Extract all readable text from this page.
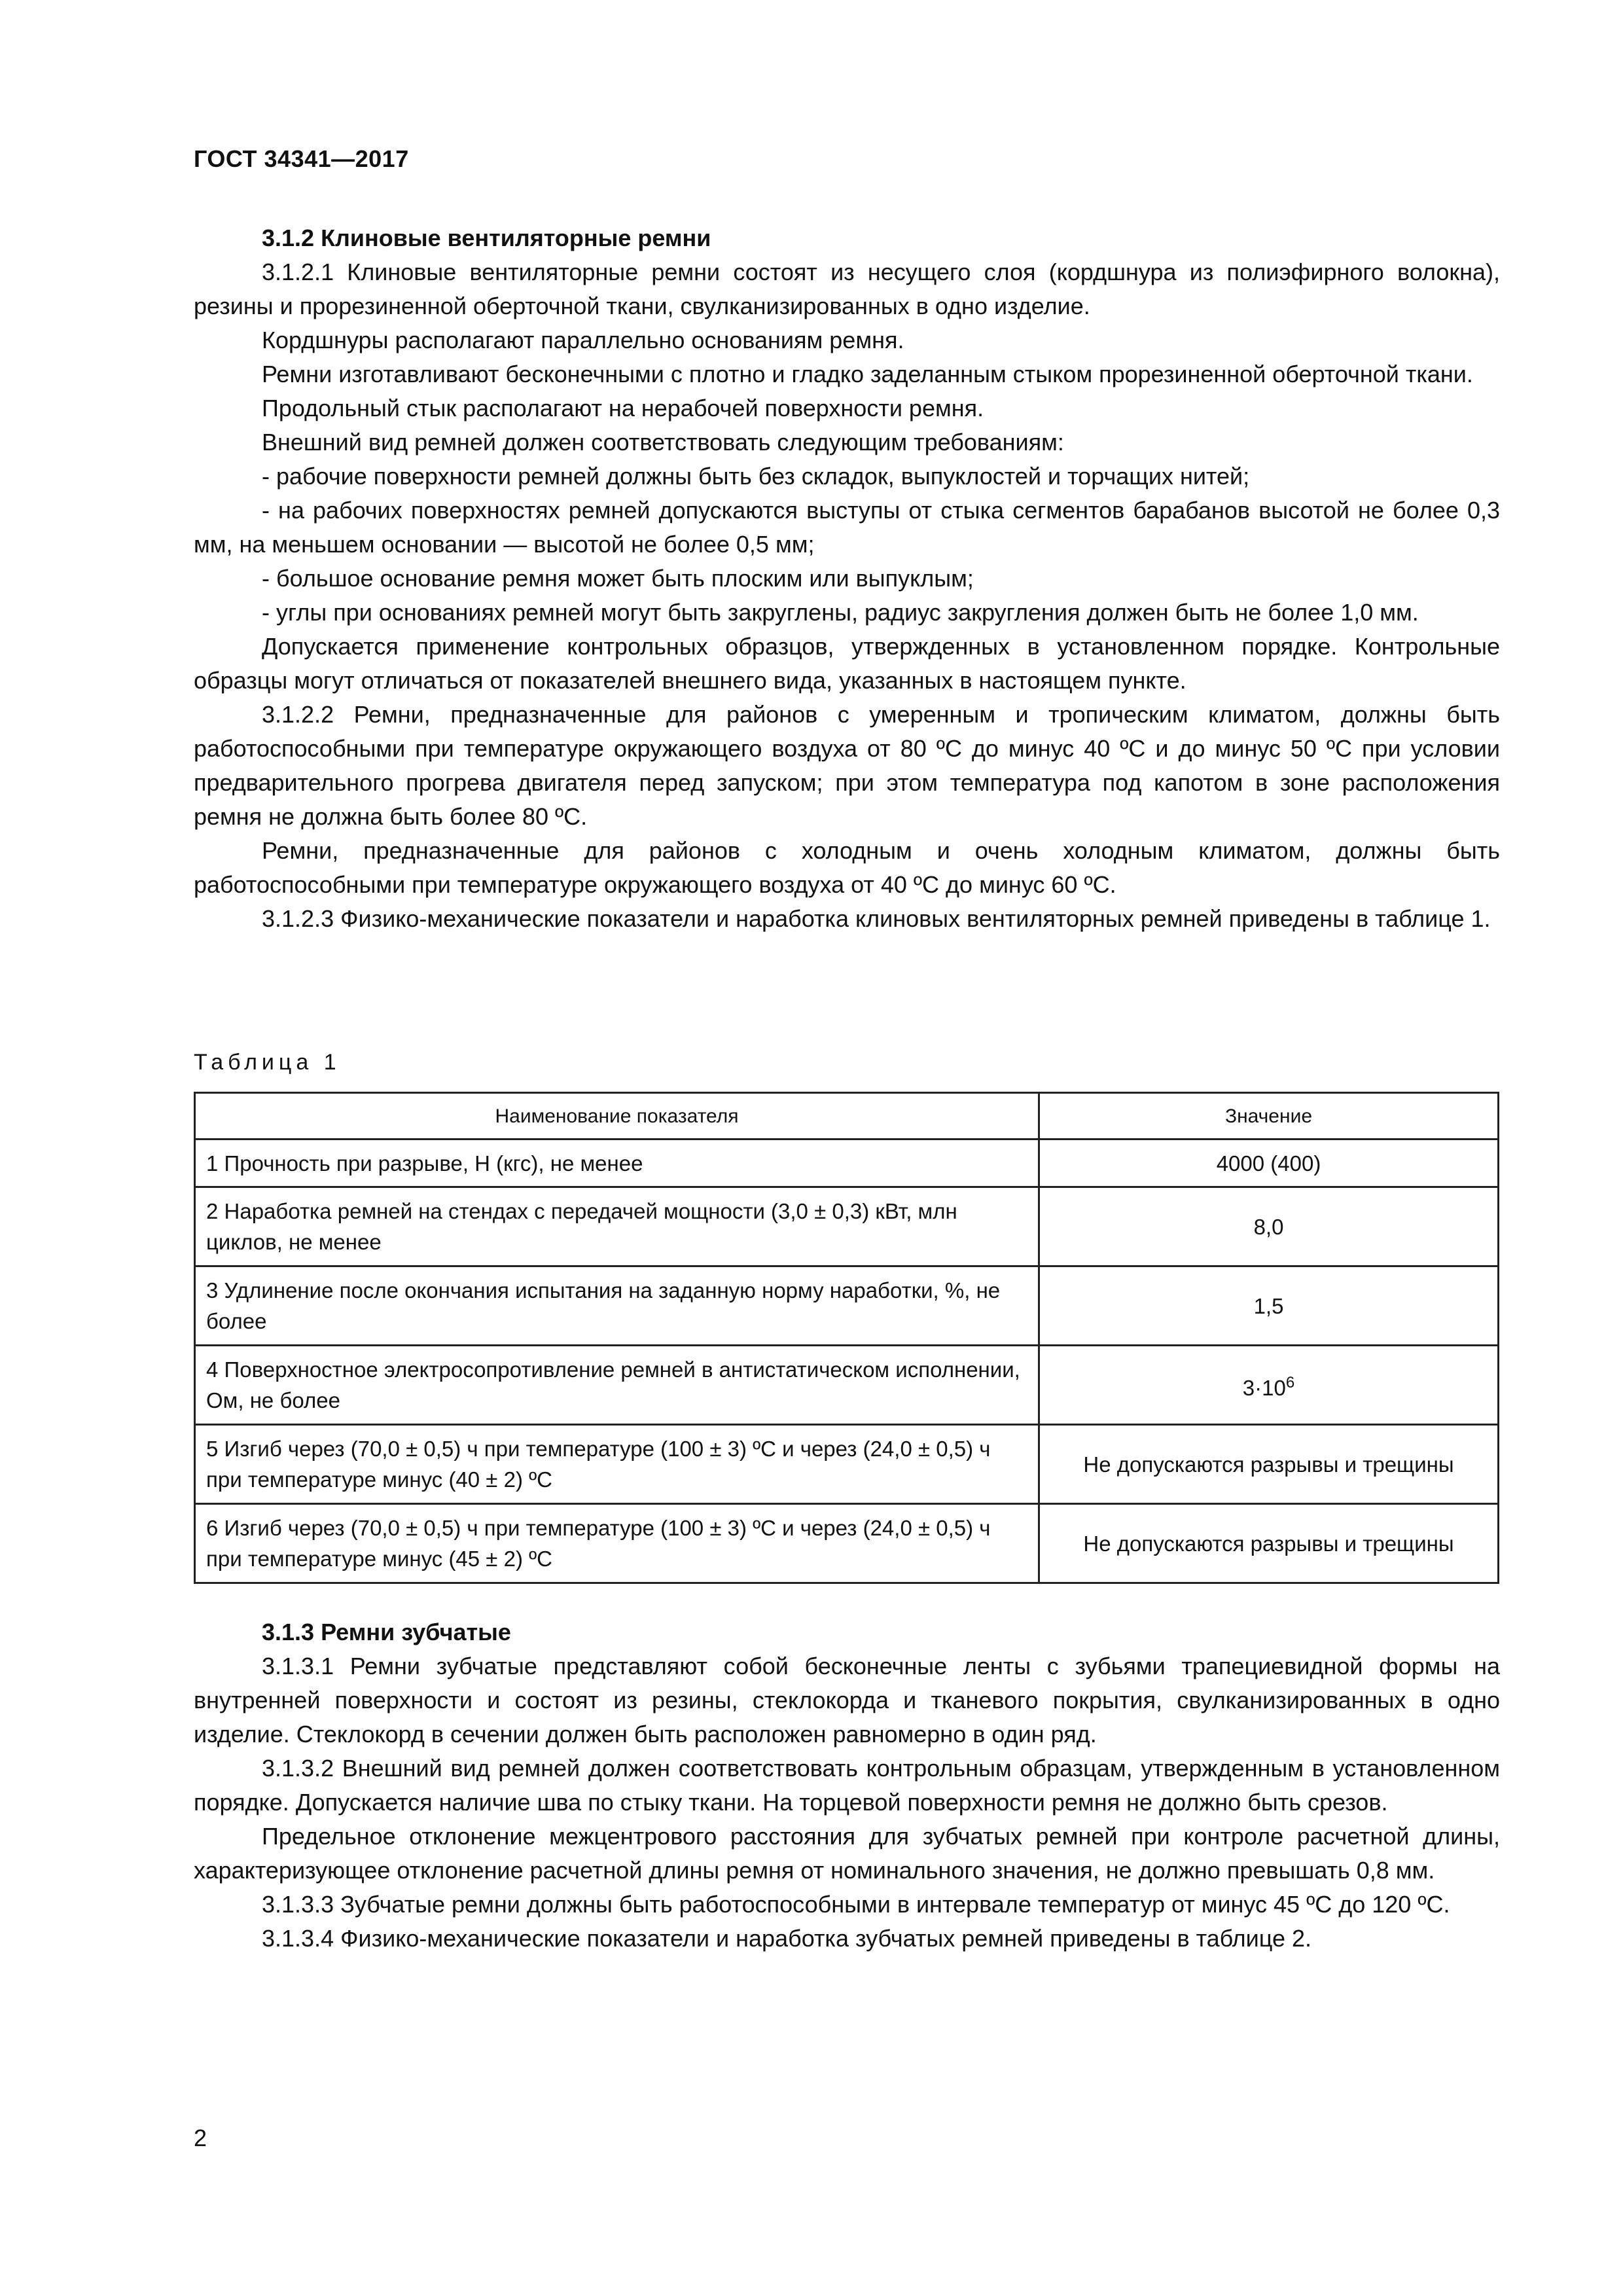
ГОСТ 34341—2017

3.1.2 Клиновые вентиляторные ремни

3.1.2.1 Клиновые вентиляторные ремни состоят из несущего слоя (кордшнура из полиэфирного волокна), резины и прорезиненной оберточной ткани, свулканизированных в одно изделие.

Кордшнуры располагают параллельно основаниям ремня.

Ремни изготавливают бесконечными с плотно и гладко заделанным стыком прорезиненной оберточной ткани.

Продольный стык располагают на нерабочей поверхности ремня.

Внешний вид ремней должен соответствовать следующим требованиям:

- рабочие поверхности ремней должны быть без складок, выпуклостей и торчащих нитей;

- на рабочих поверхностях ремней допускаются выступы от стыка сегментов барабанов высотой не более 0,3 мм, на меньшем основании — высотой не более 0,5 мм;

- большое основание ремня может быть плоским или выпуклым;

- углы при основаниях ремней могут быть закруглены, радиус закругления должен быть не более 1,0 мм.

Допускается применение контрольных образцов, утвержденных в установленном порядке. Контрольные образцы могут отличаться от показателей внешнего вида, указанных в настоящем пункте.

3.1.2.2 Ремни, предназначенные для районов с умеренным и тропическим климатом, должны быть работоспособными при температуре окружающего воздуха от 80 ºC до минус 40 ºC и до минус 50 ºC при условии предварительного прогрева двигателя перед запуском; при этом температура под капотом в зоне расположения ремня не должна быть более 80 ºC.

Ремни, предназначенные для районов с холодным и очень холодным климатом, должны быть работоспособными при температуре окружающего воздуха от 40 ºC до минус 60 ºC.

3.1.2.3 Физико-механические показатели и наработка клиновых вентиляторных ремней приведены в таблице 1.

Таблица 1
Наименование показателя	Значение
1 Прочность при разрыве, Н (кгс), не менее	4000 (400)
2 Наработка ремней на стендах с передачей мощности (3,0 ± 0,3) кВт, млн циклов, не менее	8,0
3 Удлинение после окончания испытания на заданную норму наработки, %, не более	1,5
4 Поверхностное электросопротивление ремней в антистатическом исполнении, Ом, не более	$3\cdot 10^6$
5 Изгиб через (70,0 ± 0,5) ч при температуре (100 ± 3) ºC и через (24,0 ± 0,5) ч при температуре минус (40 ± 2) ºC	Не допускаются разрывы и трещины
6 Изгиб через (70,0 ± 0,5) ч при температуре (100 ± 3) ºC и через (24,0 ± 0,5) ч при температуре минус (45 ± 2) ºC	Не допускаются разрывы и трещины

3.1.3 Ремни зубчатые

3.1.3.1 Ремни зубчатые представляют собой бесконечные ленты с зубьями трапециевидной формы на внутренней поверхности и состоят из резины, стеклокорда и тканевого покрытия, свулканизированных в одно изделие. Стеклокорд в сечении должен быть расположен равномерно в один ряд.

3.1.3.2 Внешний вид ремней должен соответствовать контрольным образцам, утвержденным в установленном порядке. Допускается наличие шва по стыку ткани. На торцевой поверхности ремня не должно быть срезов.

Предельное отклонение межцентрового расстояния для зубчатых ремней при контроле расчетной длины, характеризующее отклонение расчетной длины ремня от номинального значения, не должно превышать 0,8 мм.

3.1.3.3 Зубчатые ремни должны быть работоспособными в интервале температур от минус 45 ºC до 120 ºC.

3.1.3.4 Физико-механические показатели и наработка зубчатых ремней приведены в таблице 2.

2
